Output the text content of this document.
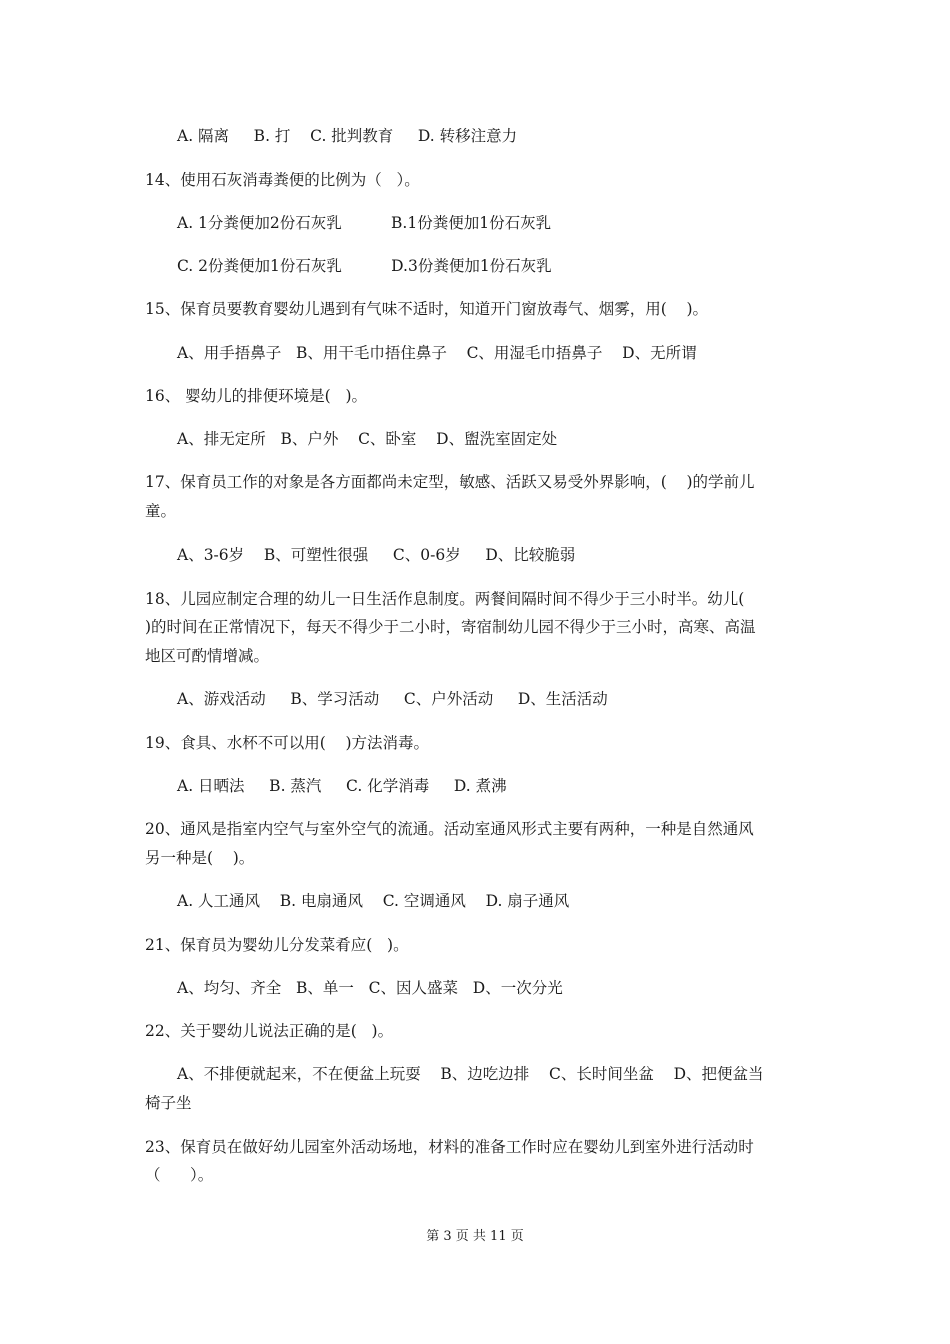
A. 隔离     B. 打    C. 批判教育     D. 转移注意力
14、使用石灰消毒粪便的比例为（   ）。
A. 1分粪便加2份石灰乳          B.1份粪便加1份石灰乳
C. 2份粪便加1份石灰乳          D.3份粪便加1份石灰乳
15、保育员要教育婴幼儿遇到有气味不适时，知道开门窗放毒气、烟雾，用(    )。
A、用手捂鼻子   B、用干毛巾捂住鼻子    C、用湿毛巾捂鼻子    D、无所谓
16、 婴幼儿的排便环境是(   )。
A、排无定所   B、户外    C、卧室    D、盥洗室固定处
17、保育员工作的对象是各方面都尚未定型，敏感、活跃又易受外界影响，(    )的学前儿
童。
A、3-6岁    B、可塑性很强     C、0-6岁     D、比较脆弱
18、儿园应制定合理的幼儿一日生活作息制度。两餐间隔时间不得少于三小时半。幼儿(
)的时间在正常情况下，每天不得少于二小时，寄宿制幼儿园不得少于三小时，高寒、高温
地区可酌情增减。
A、游戏活动     B、学习活动     C、户外活动     D、生活活动
19、食具、水杯不可以用(    )方法消毒。
A. 日晒法     B. 蒸汽     C. 化学消毒     D. 煮沸
20、通风是指室内空气与室外空气的流通。活动室通风形式主要有两种，一种是自然通风
另一种是(    )。
A. 人工通风    B. 电扇通风    C. 空调通风    D. 扇子通风
21、保育员为婴幼儿分发菜肴应(   )。
A、均匀、齐全   B、单一   C、因人盛菜   D、一次分光
22、关于婴幼儿说法正确的是(   )。
A、不排便就起来，不在便盆上玩耍    B、边吃边排    C、长时间坐盆    D、把便盆当
椅子坐
23、保育员在做好幼儿园室外活动场地，材料的准备工作时应在婴幼儿到室外进行活动时
（      ）。
第 3 页 共 11 页
